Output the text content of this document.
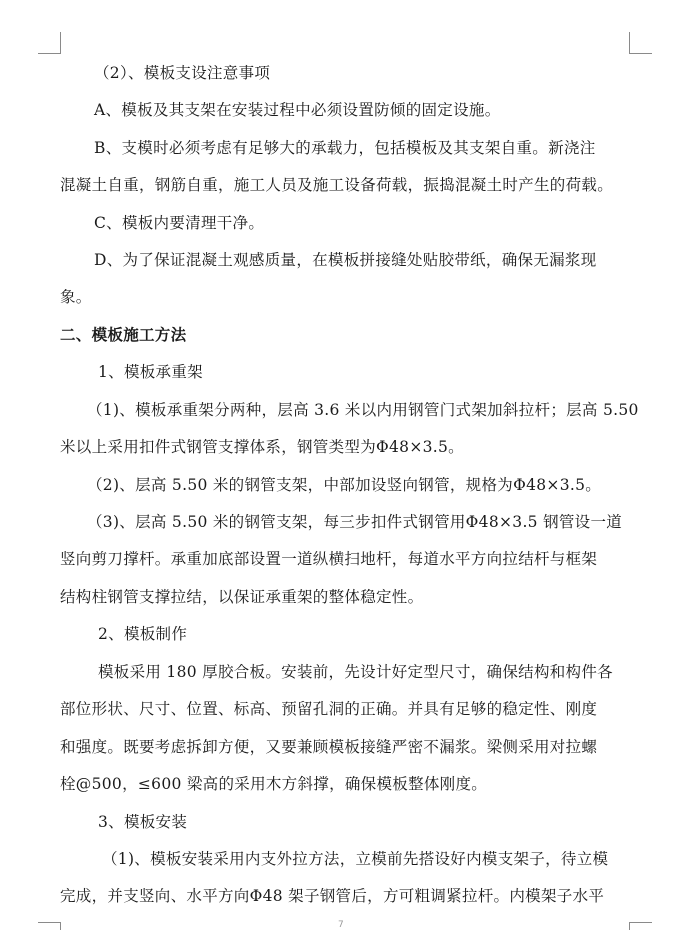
（2）、模板支设注意事项
A、模板及其支架在安装过程中必须设置防倾的固定设施。
B、支模时必须考虑有足够大的承载力，包括模板及其支架自重。新浇注
混凝土自重，钢筋自重，施工人员及施工设备荷载，振捣混凝土时产生的荷载。
C、模板内要清理干净。
D、为了保证混凝土观感质量，在模板拼接缝处贴胶带纸，确保无漏浆现
象。
二、模板施工方法
1、模板承重架
（1)、模板承重架分两种，层高 3.6 米以内用钢管门式架加斜拉杆；层高 5.50
米以上采用扣件式钢管支撑体系，钢管类型为Φ48×3.5。
（2)、层高 5.50 米的钢管支架，中部加设竖向钢管，规格为Φ48×3.5。
（3)、层高 5.50 米的钢管支架，每三步扣件式钢管用Φ48×3.5 钢管设一道
竖向剪刀撑杆。承重加底部设置一道纵横扫地杆，每道水平方向拉结杆与框架
结构柱钢管支撑拉结，以保证承重架的整体稳定性。
2、模板制作
模板采用 180 厚胶合板。安装前，先设计好定型尺寸，确保结构和构件各
部位形状、尺寸、位置、标高、预留孔洞的正确。并具有足够的稳定性、刚度
和强度。既要考虑拆卸方便，又要兼顾模板接缝严密不漏浆。梁侧采用对拉螺
栓@500，≤600 梁高的采用木方斜撑，确保模板整体刚度。
3、模板安装
（1)、模板安装采用内支外拉方法，立模前先搭设好内模支架子，待立模
完成，并支竖向、水平方向Φ48 架子钢管后，方可粗调紧拉杆。内模架子水平
7
